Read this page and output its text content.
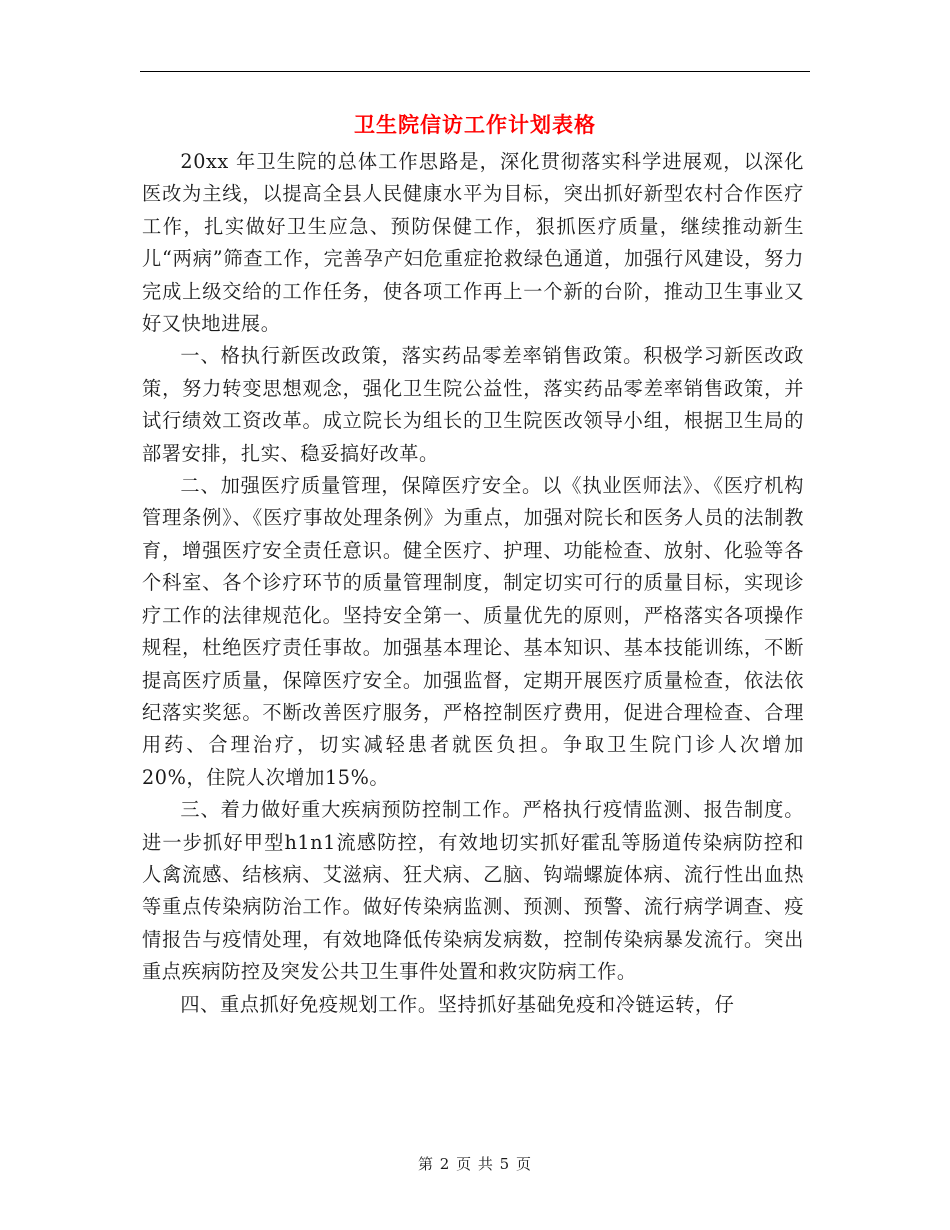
卫生院信访工作计划表格

20xx 年卫生院的总体工作思路是，深化贯彻落实科学进展观，以深化医改为主线，以提高全县人民健康水平为目标，突出抓好新型农村合作医疗工作，扎实做好卫生应急、预防保健工作，狠抓医疗质量，继续推动新生儿“两病”筛查工作，完善孕产妇危重症抢救绿色通道，加强行风建设，努力完成上级交给的工作任务，使各项工作再上一个新的台阶，推动卫生事业又好又快地进展。

一、格执行新医改政策，落实药品零差率销售政策。积极学习新医改政策，努力转变思想观念，强化卫生院公益性，落实药品零差率销售政策，并试行绩效工资改革。成立院长为组长的卫生院医改领导小组，根据卫生局的部署安排，扎实、稳妥搞好改革。

二、加强医疗质量管理，保障医疗安全。以《执业医师法》、《医疗机构管理条例》、《医疗事故处理条例》为重点，加强对院长和医务人员的法制教育，增强医疗安全责任意识。健全医疗、护理、功能检查、放射、化验等各个科室、各个诊疗环节的质量管理制度，制定切实可行的质量目标，实现诊疗工作的法律规范化。坚持安全第一、质量优先的原则，严格落实各项操作规程，杜绝医疗责任事故。加强基本理论、基本知识、基本技能训练，不断提高医疗质量，保障医疗安全。加强监督，定期开展医疗质量检查，依法依纪落实奖惩。不断改善医疗服务，严格控制医疗费用，促进合理检查、合理用药、合理治疗，切实减轻患者就医负担。争取卫生院门诊人次增加 20%，住院人次增加15%。

三、着力做好重大疾病预防控制工作。严格执行疫情监测、报告制度。进一步抓好甲型h1n1流感防控，有效地切实抓好霍乱等肠道传染病防控和人禽流感、结核病、艾滋病、狂犬病、乙脑、钩端螺旋体病、流行性出血热等重点传染病防治工作。做好传染病监测、预测、预警、流行病学调查、疫情报告与疫情处理，有效地降低传染病发病数，控制传染病暴发流行。突出重点疾病防控及突发公共卫生事件处置和救灾防病工作。

四、重点抓好免疫规划工作。坚持抓好基础免疫和冷链运转，仔

第 2 页 共 5 页
